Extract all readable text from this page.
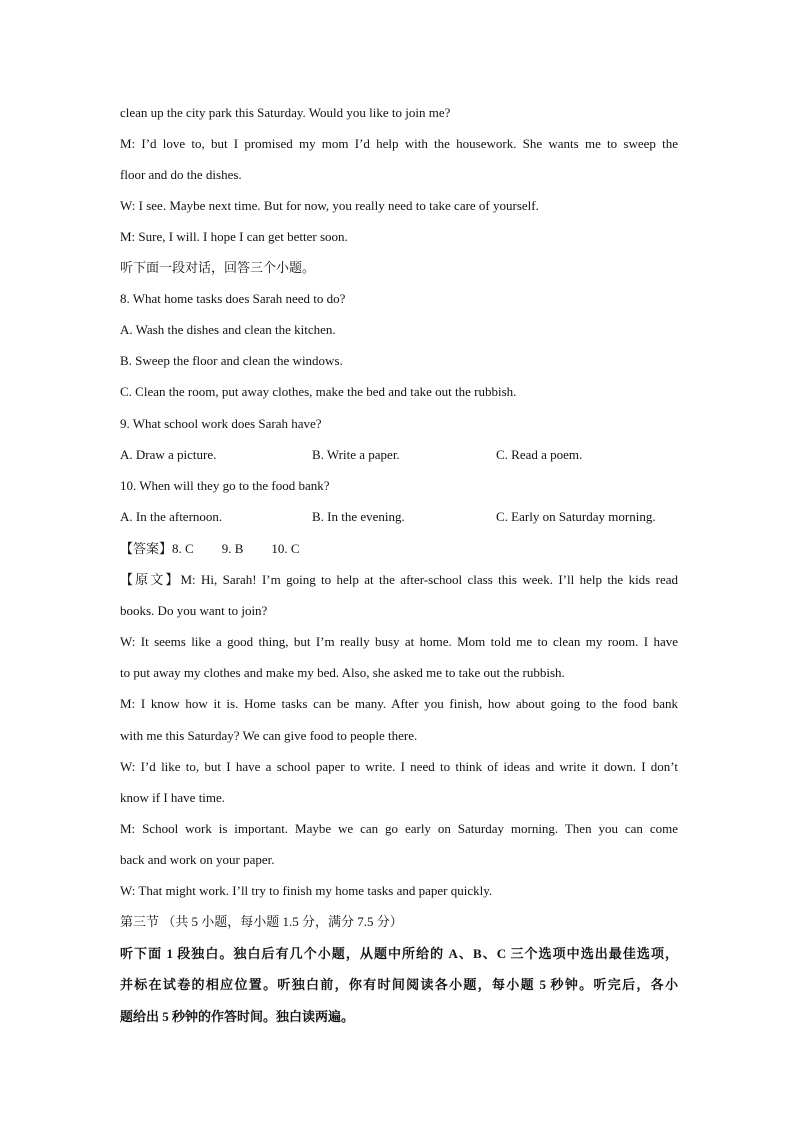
clean up the city park this Saturday. Would you like to join me?
M: I’d love to, but I promised my mom I’d help with the housework. She wants me to sweep the
floor and do the dishes.
W: I see. Maybe next time. But for now, you really need to take care of yourself.
M: Sure, I will. I hope I can get better soon.
听下面一段对话，回答三个小题。
8. What home tasks does Sarah need to do?
A. Wash the dishes and clean the kitchen.
B. Sweep the floor and clean the windows.
C. Clean the room, put away clothes, make the bed and take out the rubbish.
9. What school work does Sarah have?
A. Draw a picture.	B. Write a paper.	C. Read a poem.
10. When will they go to the food bank?
A. In the afternoon.	B. In the evening.	C. Early on Saturday morning.
【答案】8. C 9. B 10. C
【原文】M: Hi, Sarah! I’m going to help at the after-school class this week. I’ll help the kids read
books. Do you want to join?
W: It seems like a good thing, but I’m really busy at home. Mom told me to clean my room. I have
to put away my clothes and make my bed. Also, she asked me to take out the rubbish.
M: I know how it is. Home tasks can be many. After you finish, how about going to the food bank
with me this Saturday? We can give food to people there.
W: I’d like to, but I have a school paper to write. I need to think of ideas and write it down. I don’t
know if I have time.
M: School work is important. Maybe we can go early on Saturday morning. Then you can come
back and work on your paper.
W: That might work. I’ll try to finish my home tasks and paper quickly.
第三节 （共 5 小题，每小题 1.5 分，满分 7.5 分）
听下面 1 段独白。独白后有几个小题，从题中所给的 A、B、C 三个选项中选出最佳选项，
并标在试卷的相应位置。听独白前，你有时间阅读各小题，每小题 5 秒钟。听完后，各小
题给出 5 秒钟的作答时间。独白读两遍。
